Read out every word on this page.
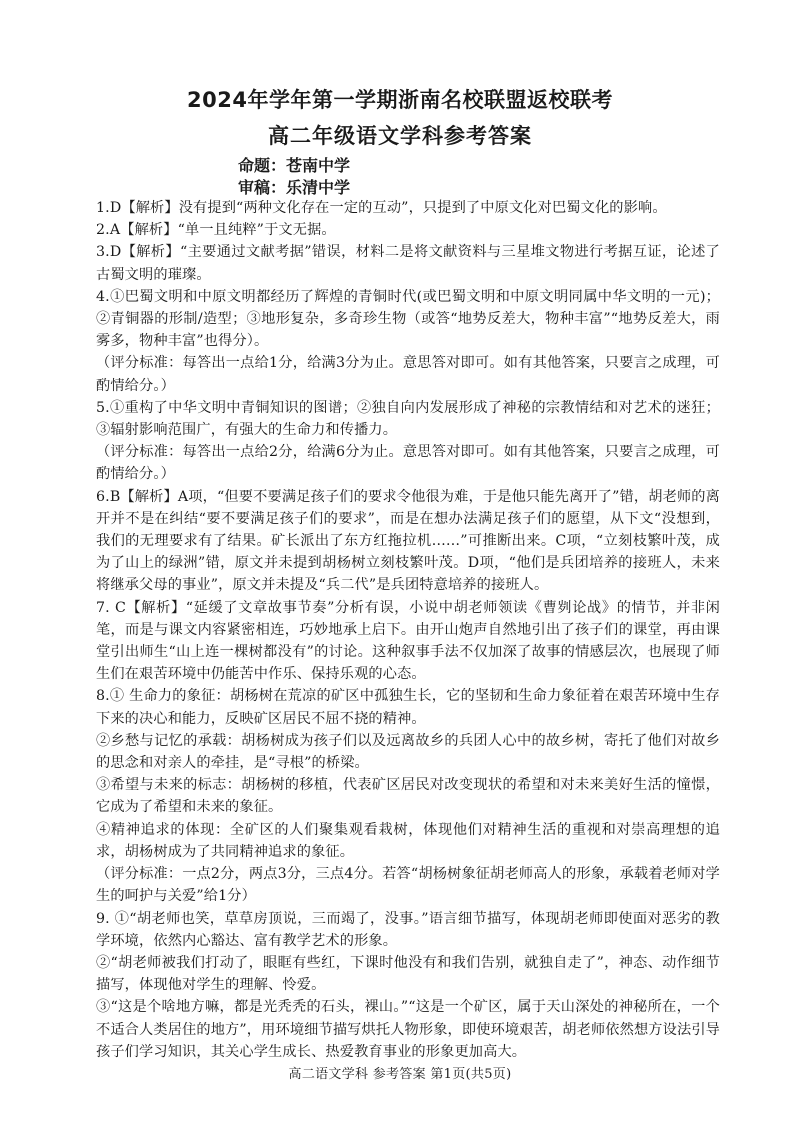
2024年学年第一学期浙南名校联盟返校联考
高二年级语文学科参考答案
命题：苍南中学
审稿：乐清中学

1.D【解析】没有提到“两种文化存在一定的互动”，只提到了中原文化对巴蜀文化的影响。

2.A【解析】“单一且纯粹”于文无据。

3.D【解析】“主要通过文献考据”错误，材料二是将文献资料与三星堆文物进行考据互证，论述了古蜀文明的璀璨。

4.①巴蜀文明和中原文明都经历了辉煌的青铜时代(或巴蜀文明和中原文明同属中华文明的一元)；②青铜器的形制/造型；③地形复杂，多奇珍生物（或答“地势反差大，物种丰富”“地势反差大，雨雾多，物种丰富”也得分）。

（评分标准：每答出一点给1分，给满3分为止。意思答对即可。如有其他答案，只要言之成理，可酌情给分。）

5.①重构了中华文明中青铜知识的图谱；②独自向内发展形成了神秘的宗教情结和对艺术的迷狂；③辐射影响范围广，有强大的生命力和传播力。

（评分标准：每答出一点给2分，给满6分为止。意思答对即可。如有其他答案，只要言之成理，可酌情给分。）

6.B【解析】A项，“但要不要满足孩子们的要求令他很为难，于是他只能先离开了”错，胡老师的离开并不是在纠结“要不要满足孩子们的要求”，而是在想办法满足孩子们的愿望，从下文“没想到，我们的无理要求有了结果。矿长派出了东方红拖拉机……”可推断出来。C项，“立刻枝繁叶茂，成为了山上的绿洲”错，原文并未提到胡杨树立刻枝繁叶茂。D项，“他们是兵团培养的接班人，未来将继承父母的事业”，原文并未提及“兵二代”是兵团特意培养的接班人。

7. C【解析】“延缓了文章故事节奏”分析有误，小说中胡老师领读《曹刿论战》的情节，并非闲笔，而是与课文内容紧密相连，巧妙地承上启下。由开山炮声自然地引出了孩子们的课堂，再由课堂引出师生“山上连一棵树都没有”的讨论。这种叙事手法不仅加深了故事的情感层次，也展现了师生们在艰苦环境中仍能苦中作乐、保持乐观的心态。

8.① 生命力的象征：胡杨树在荒凉的矿区中孤独生长，它的坚韧和生命力象征着在艰苦环境中生存下来的决心和能力，反映矿区居民不屈不挠的精神。

②乡愁与记忆的承载：胡杨树成为孩子们以及远离故乡的兵团人心中的故乡树，寄托了他们对故乡的思念和对亲人的牵挂，是“寻根”的桥梁。

③希望与未来的标志：胡杨树的移植，代表矿区居民对改变现状的希望和对未来美好生活的憧憬，它成为了希望和未来的象征。

④精神追求的体现：全矿区的人们聚集观看栽树，体现他们对精神生活的重视和对崇高理想的追求，胡杨树成为了共同精神追求的象征。

（评分标准：一点2分，两点3分，三点4分。若答“胡杨树象征胡老师高人的形象，承载着老师对学生的呵护与关爱”给1分）

9. ①“胡老师也笑，草草房顶说，三而竭了，没事。”语言细节描写，体现胡老师即使面对恶劣的教学环境，依然内心豁达、富有教学艺术的形象。

②“胡老师被我们打动了，眼眶有些红，下课时他没有和我们告别，就独自走了”，神态、动作细节描写，体现他对学生的理解、怜爱。

③“这是个啥地方嘛，都是光秃秃的石头，裸山。”“这是一个矿区，属于天山深处的神秘所在，一个不适合人类居住的地方”，用环境细节描写烘托人物形象，即使环境艰苦，胡老师依然想方设法引导孩子们学习知识，其关心学生成长、热爱教育事业的形象更加高大。

高二语文学科 参考答案 第1页(共5页)
